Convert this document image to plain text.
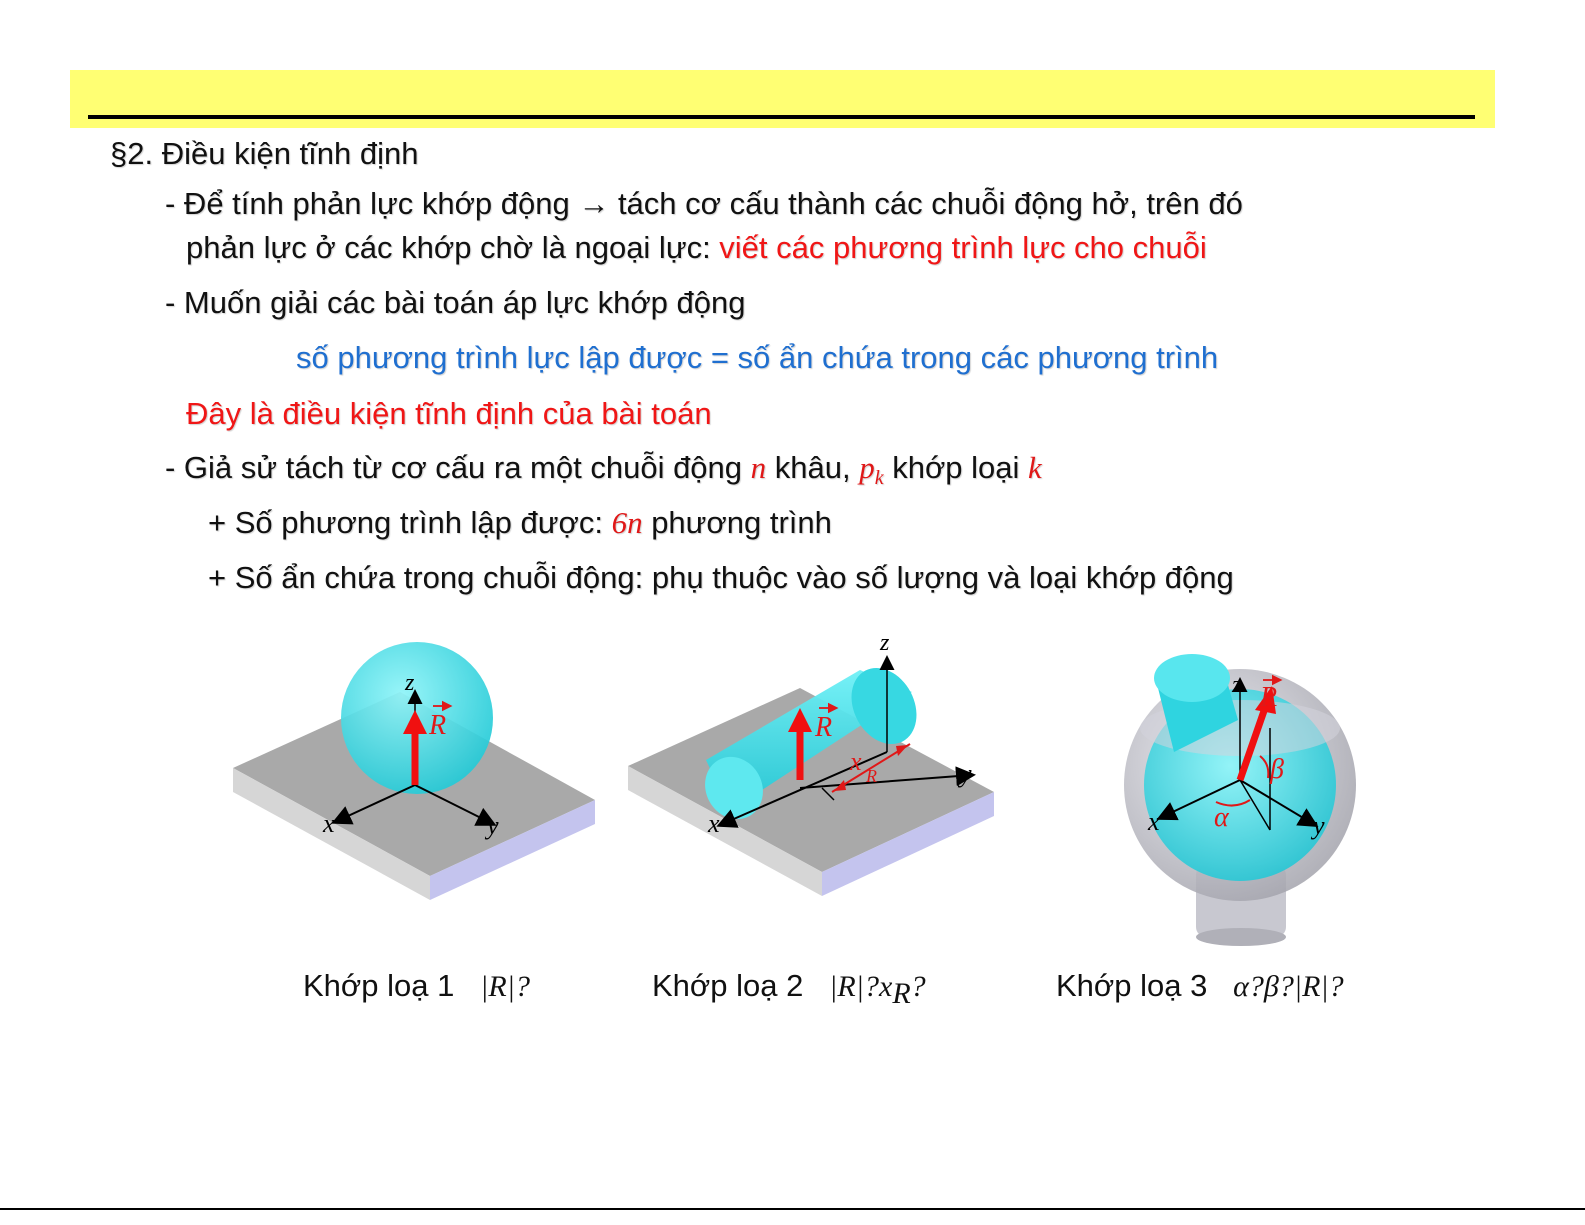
§2. Điều kiện tĩnh định
- Để tính phản lực khớp động → tách cơ cấu thành các chuỗi động hở, trên đó
phản lực ở các khớp chờ là ngoại lực: viết các phương trình lực cho chuỗi
- Muốn giải các bài toán áp lực khớp động
số phương trình lực lập được = số ẩn chứa trong các phương trình
Đây là điều kiện tĩnh định của bài toán
- Giả sử tách từ cơ cấu ra một chuỗi động n khâu, $p_k$ khớp loại k
+ Số phương trình lập được: 6n phương trình
+ Số ẩn chứa trong chuỗi động: phụ thuộc vào số lượng và loại khớp động
z
x	y
R
z
x
y
R
x R
z
x	y
R
α
β
Khớp loạ 1 |R|?	Khớp loạ 2 $|R|?x_R$?	Khớp loạ 3 α?β?|R|?
